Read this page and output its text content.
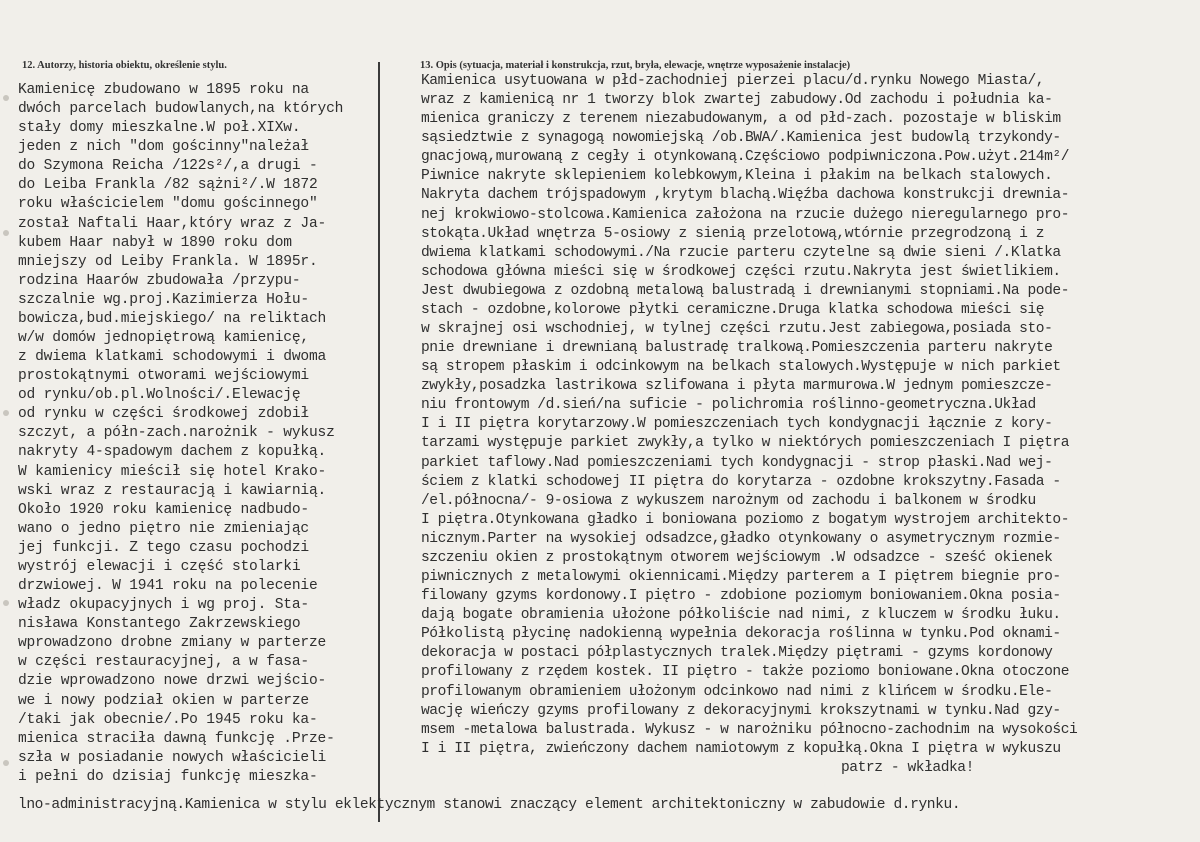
12. Autorzy, historia obiektu, określenie stylu.	13. Opis (sytuacja, materiał i konstrukcja, rzut, bryła, elewacje, wnętrze wyposażenie instalacje)
Kamienicę zbudowano w 1895 roku na
dwóch parcelach budowlanych,na których
stały domy mieszkalne.W poł.XIXw.
jeden z nich "dom gościnny"należał
do Szymona Reicha /122s²/,a drugi -
do Leiba Frankla /82 sążni²/.W 1872
roku właścicielem "domu gościnnego"
został Naftali Haar,który wraz z Ja-
kubem Haar nabył w 1890 roku dom
mniejszy od Leiby Frankla. W 1895r.
rodzina Haarów zbudowała /przypu-
szczalnie wg.proj.Kazimierza Hołu-
bowicza,bud.miejskiego/ na reliktach
w/w domów jednopiętrową kamienicę,
z dwiema klatkami schodowymi i dwoma
prostokątnymi otworami wejściowymi
od rynku/ob.pl.Wolności/.Elewację
od rynku w części środkowej zdobił
szczyt, a półn-zach.narożnik - wykusz
nakryty 4-spadowym dachem z kopułką.
W kamienicy mieścił się hotel Krako-
wski wraz z restauracją i kawiarnią.
Około 1920 roku kamienicę nadbudo-
wano o jedno piętro nie zmieniając
jej funkcji. Z tego czasu pochodzi
wystrój elewacji i część stolarki
drzwiowej. W 1941 roku na polecenie
władz okupacyjnych i wg proj. Sta-
nisława Konstantego Zakrzewskiego
wprowadzono drobne zmiany w parterze
w części restauracyjnej, a w fasa-
dzie wprowadzono nowe drzwi wejścio-
we i nowy podział okien w parterze
/taki jak obecnie/.Po 1945 roku ka-
mienica straciła dawną funkcję .Prze-
szła w posiadanie nowych właścicieli
i pełni do dzisiaj funkcję mieszka-
Kamienica usytuowana w płd-zachodniej pierzei placu/d.rynku Nowego Miasta/,
wraz z kamienicą nr 1 tworzy blok zwartej zabudowy.Od zachodu i południa ka-
mienica graniczy z terenem niezabudowanym, a od płd-zach. pozostaje w bliskim
sąsiedztwie z synagogą nowomiejską /ob.BWA/.Kamienica jest budowlą trzykondy-
gnacjową,murowaną z cegły i otynkowaną.Częściowo podpiwniczona.Pow.użyt.214m²/
Piwnice nakryte sklepieniem kolebkowym,Kleina i płakim na belkach stalowych.
Nakryta dachem trójspadowym ,krytym blachą.Więźba dachowa konstrukcji drewnia-
nej krokwiowo-stolcowa.Kamienica założona na rzucie dużego nieregularnego pro-
stokąta.Układ wnętrza 5-osiowy z sienią przelotową,wtórnie przegrodzoną i z
dwiema klatkami schodowymi./Na rzucie parteru czytelne są dwie sieni /.Klatka
schodowa główna mieści się w środkowej części rzutu.Nakryta jest świetlikiem.
Jest dwubiegowa z ozdobną metalową balustradą i drewnianymi stopniami.Na pode-
stach - ozdobne,kolorowe płytki ceramiczne.Druga klatka schodowa mieści się
w skrajnej osi wschodniej, w tylnej części rzutu.Jest zabiegowa,posiada sto-
pnie drewniane i drewnianą balustradę tralkową.Pomieszczenia parteru nakryte
są stropem płaskim i odcinkowym na belkach stalowych.Występuje w nich parkiet
zwykły,posadzka lastrikowa szlifowana i płyta marmurowa.W jednym pomieszcze-
niu frontowym /d.sień/na suficie - polichromia roślinno-geometryczna.Układ
I i II piętra korytarzowy.W pomieszczeniach tych kondygnacji łącznie z kory-
tarzami występuje parkiet zwykły,a tylko w niektórych pomieszczeniach I piętra
parkiet taflowy.Nad pomieszczeniami tych kondygnacji - strop płaski.Nad wej-
ściem z klatki schodowej II piętra do korytarza - ozdobne krokszytny.Fasada -
/el.północna/- 9-osiowa z wykuszem narożnym od zachodu i balkonem w środku
I piętra.Otynkowana gładko i boniowana poziomo z bogatym wystrojem architekto-
nicznym.Parter na wysokiej odsadzce,gładko otynkowany o asymetrycznym rozmie-
szczeniu okien z prostokątnym otworem wejściowym .W odsadzce - sześć okienek
piwnicznych z metalowymi okiennicami.Między parterem a I piętrem biegnie pro-
filowany gzyms kordonowy.I piętro - zdobione poziomym boniowaniem.Okna posia-
dają bogate obramienia ułożone półkoliście nad nimi, z kluczem w środku łuku.
Półkolistą płycinę nadokienną wypełnia dekoracja roślinna w tynku.Pod oknami-
dekoracja w postaci półplastycznych tralek.Między piętrami - gzyms kordonowy
profilowany z rzędem kostek. II piętro - także poziomo boniowane.Okna otoczone
profilowanym obramieniem ułożonym odcinkowo nad nimi z klińcem w środku.Ele-
wację wieńczy gzyms profilowany z dekoracyjnymi krokszytnami w tynku.Nad gzy-
msem -metalowa balustrada. Wykusz - w narożniku północno-zachodnim na wysokości
I i II piętra, zwieńczony dachem namiotowym z kopułką.Okna I piętra w wykuszu
patrz - wkładka!
lno-administracyjną.Kamienica w stylu eklektycznym stanowi znaczący element architektoniczny w zabudowie d.rynku.
